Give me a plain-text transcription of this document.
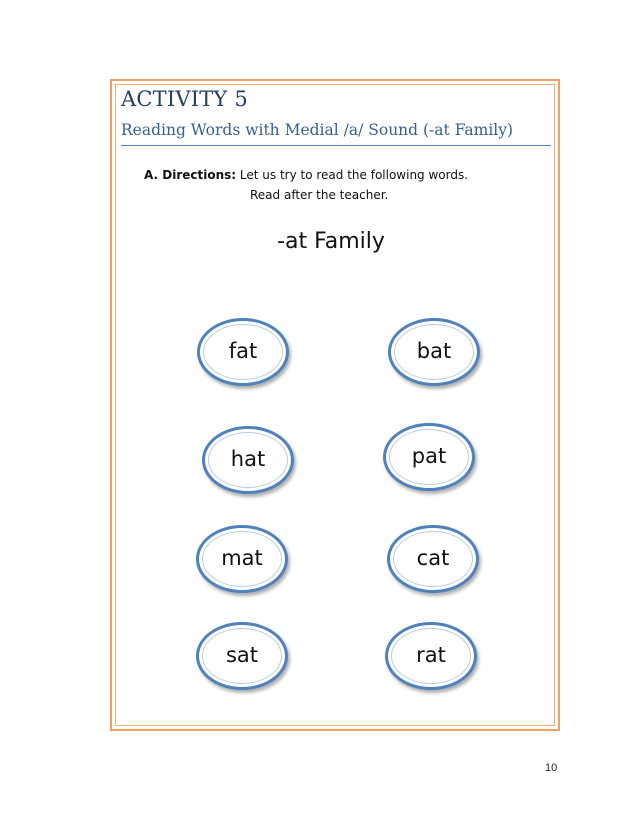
ACTIVITY 5
Reading Words with Medial /a/ Sound (-at Family)
A. Directions: Let us try to read the following words.
Read after the teacher.
-at Family
fat	bat
hat	pat
mat	cat
sat	rat
10
